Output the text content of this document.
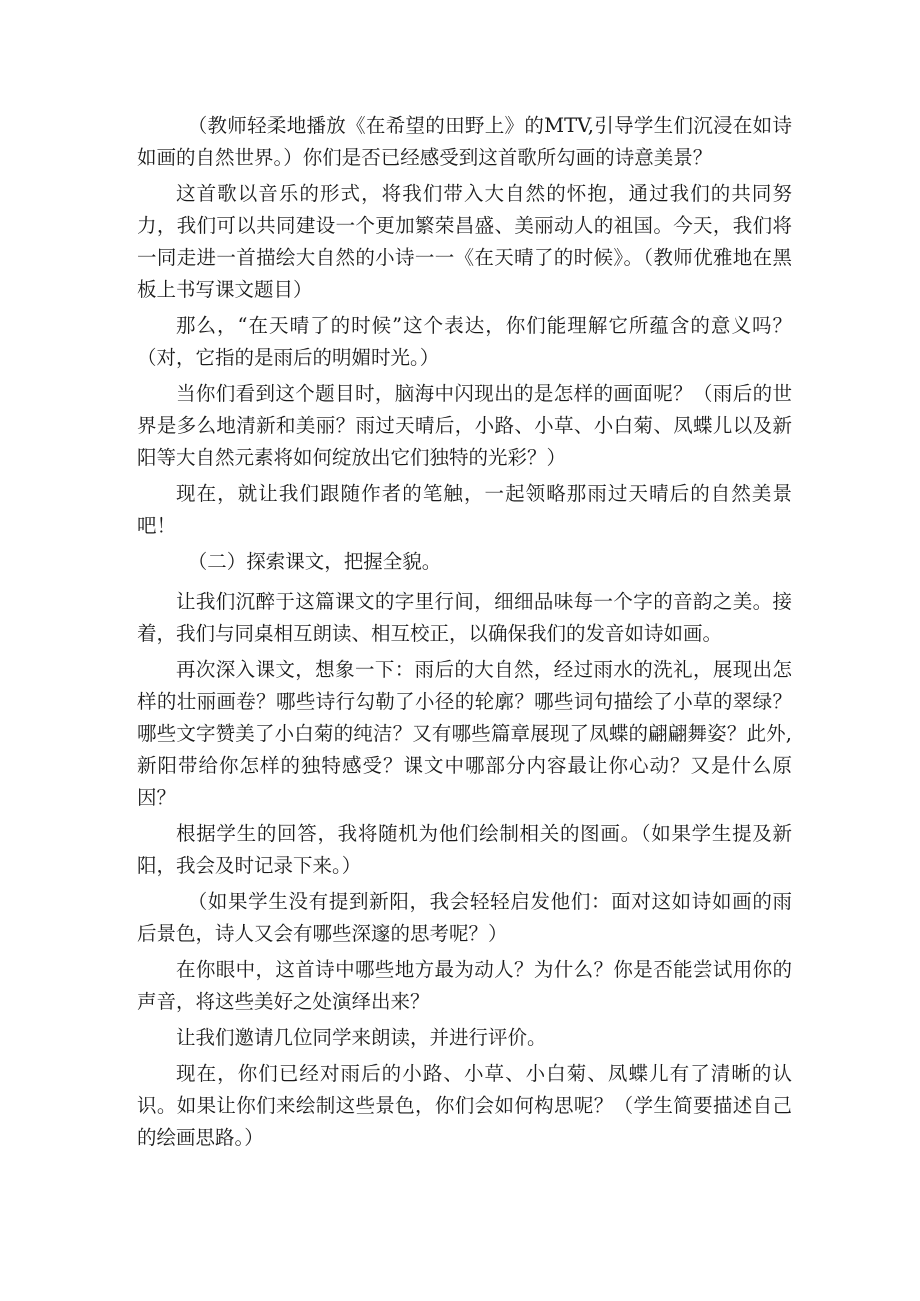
（教师轻柔地播放《在希望的田野上》的MTV,引导学生们沉浸在如诗如画的自然世界。）你们是否已经感受到这首歌所勾画的诗意美景？

这首歌以音乐的形式，将我们带入大自然的怀抱，通过我们的共同努力，我们可以共同建设一个更加繁荣昌盛、美丽动人的祖国。今天，我们将一同走进一首描绘大自然的小诗一一《在天晴了的时候》。（教师优雅地在黑板上书写课文题目）

那么，“在天晴了的时候”这个表达，你们能理解它所蕴含的意义吗？（对，它指的是雨后的明媚时光。）

当你们看到这个题目时，脑海中闪现出的是怎样的画面呢？（雨后的世界是多么地清新和美丽？雨过天晴后，小路、小草、小白菊、凤蝶儿以及新阳等大自然元素将如何绽放出它们独特的光彩？）

现在，就让我们跟随作者的笔触，一起领略那雨过天晴后的自然美景吧！

（二）探索课文，把握全貌。

让我们沉醉于这篇课文的字里行间，细细品味每一个字的音韵之美。接着，我们与同桌相互朗读、相互校正，以确保我们的发音如诗如画。

再次深入课文，想象一下：雨后的大自然，经过雨水的洗礼，展现出怎样的壮丽画卷？哪些诗行勾勒了小径的轮廓？哪些词句描绘了小草的翠绿？哪些文字赞美了小白菊的纯洁？又有哪些篇章展现了凤蝶的翩翩舞姿？此外,新阳带给你怎样的独特感受？课文中哪部分内容最让你心动？又是什么原因？

根据学生的回答，我将随机为他们绘制相关的图画。（如果学生提及新阳，我会及时记录下来。）

（如果学生没有提到新阳，我会轻轻启发他们：面对这如诗如画的雨后景色，诗人又会有哪些深邃的思考呢？）

在你眼中，这首诗中哪些地方最为动人？为什么？你是否能尝试用你的声音，将这些美好之处演绎出来？

让我们邀请几位同学来朗读，并进行评价。

现在，你们已经对雨后的小路、小草、小白菊、凤蝶儿有了清晰的认识。如果让你们来绘制这些景色，你们会如何构思呢？（学生简要描述自己的绘画思路。）
